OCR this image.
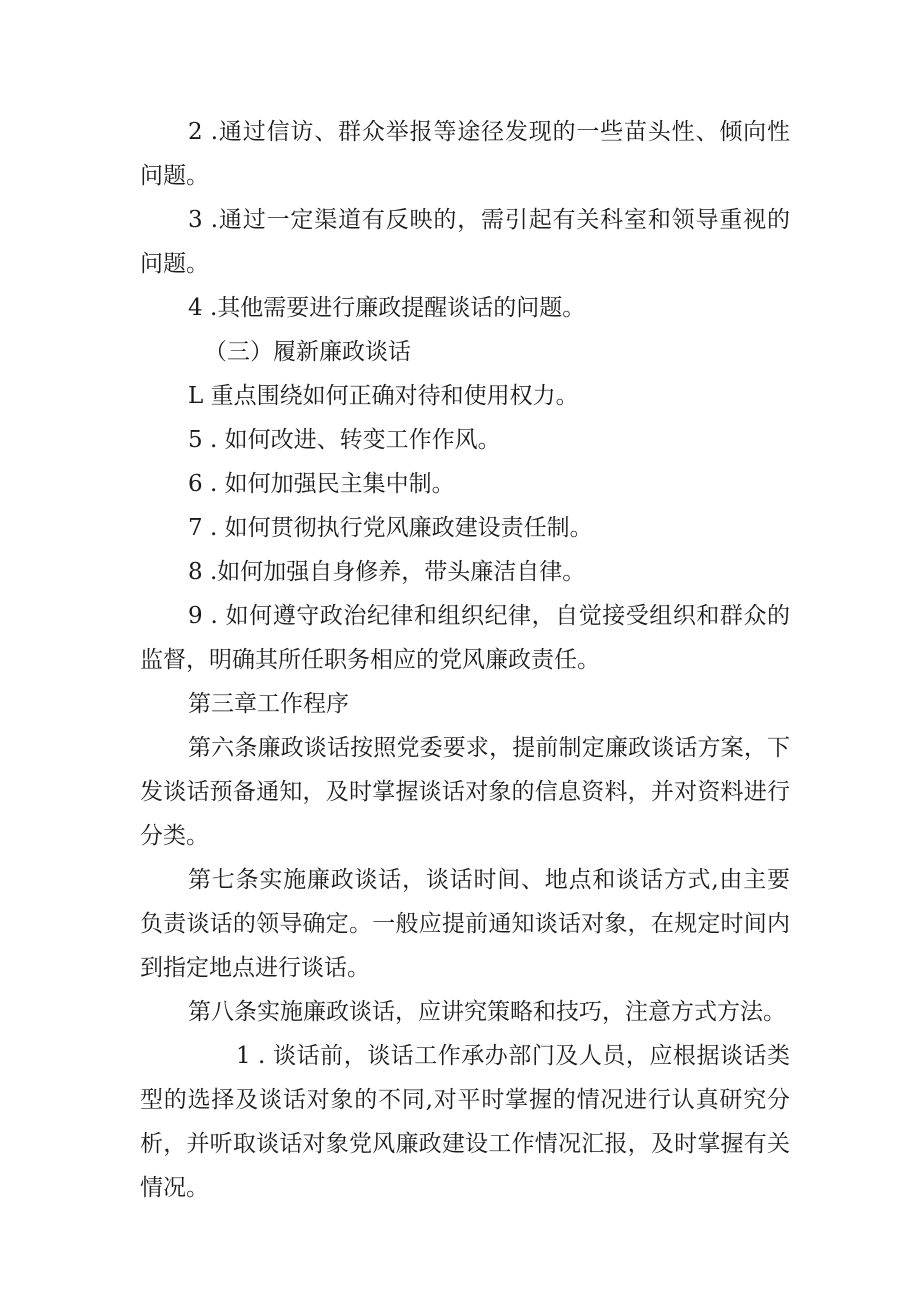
2 .通过信访、群众举报等途径发现的一些苗头性、倾向性问题。

3 .通过一定渠道有反映的，需引起有关科室和领导重视的问题。

4 .其他需要进行廉政提醒谈话的问题。

（三）履新廉政谈话

L 重点围绕如何正确对待和使用权力。

5 . 如何改进、转变工作作风。

6 . 如何加强民主集中制。

7 . 如何贯彻执行党风廉政建设责任制。

8 .如何加强自身修养，带头廉洁自律。

9 . 如何遵守政治纪律和组织纪律，自觉接受组织和群众的监督，明确其所任职务相应的党风廉政责任。

第三章工作程序

第六条廉政谈话按照党委要求，提前制定廉政谈话方案，下发谈话预备通知，及时掌握谈话对象的信息资料，并对资料进行分类。

第七条实施廉政谈话，谈话时间、地点和谈话方式,由主要负责谈话的领导确定。一般应提前通知谈话对象，在规定时间内到指定地点进行谈话。

第八条实施廉政谈话，应讲究策略和技巧，注意方式方法。

1 . 谈话前，谈话工作承办部门及人员，应根据谈话类型的选择及谈话对象的不同,对平时掌握的情况进行认真研究分析，并听取谈话对象党风廉政建设工作情况汇报，及时掌握有关情况。
